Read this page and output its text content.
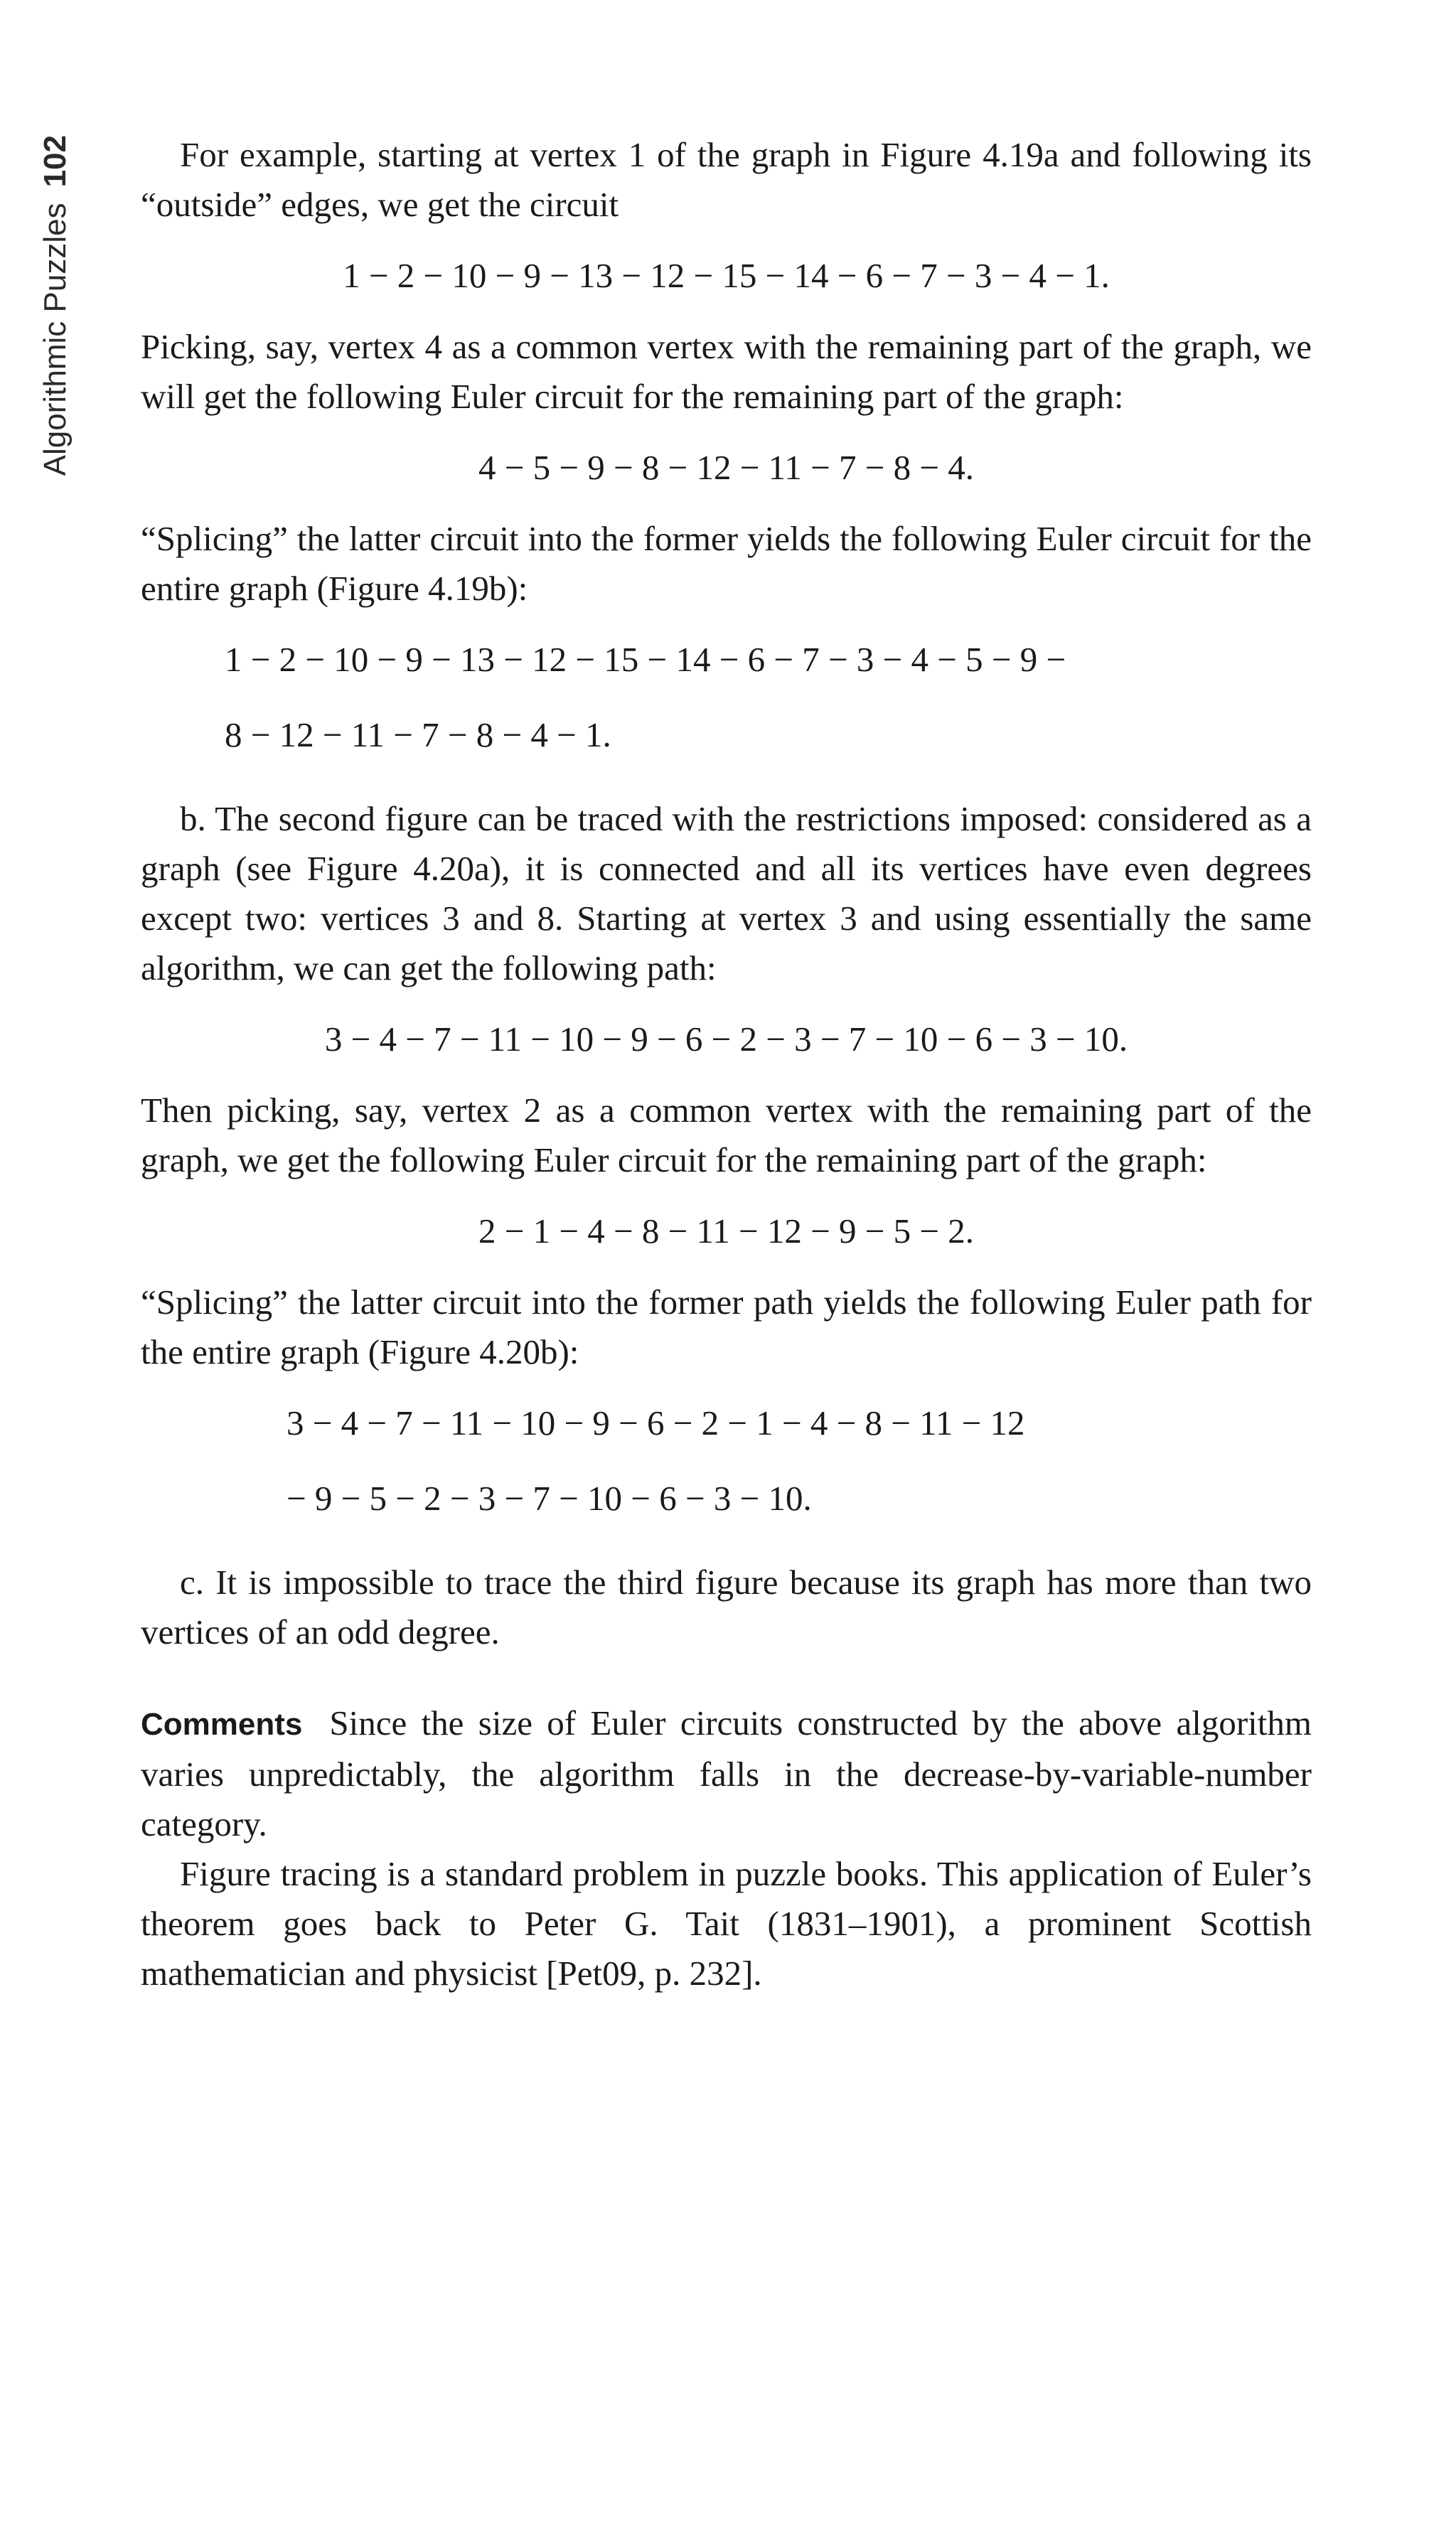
Algorithmic Puzzles102	For example, starting at vertex 1 of the graph in Figure 4.19a and following its “outside” edges, we get the circuit

1 − 2 − 10 − 9 − 13 − 12 − 15 − 14 − 6 − 7 − 3 − 4 − 1.

Picking, say, vertex 4 as a common vertex with the remaining part of the graph, we will get the following Euler circuit for the remaining part of the graph:

4 − 5 − 9 − 8 − 12 − 11 − 7 − 8 − 4.

“Splicing” the latter circuit into the former yields the following Euler circuit for the entire graph (Figure 4.19b):

1 − 2 − 10 − 9 − 13 − 12 − 15 − 14 − 6 − 7 − 3 − 4 − 5 − 9 −

8 − 12 − 11 − 7 − 8 − 4 − 1.

b. The second figure can be traced with the restrictions imposed: considered as a graph (see Figure 4.20a), it is connected and all its vertices have even degrees except two: vertices 3 and 8. Starting at vertex 3 and using essentially the same algorithm, we can get the following path:

3 − 4 − 7 − 11 − 10 − 9 − 6 − 2 − 3 − 7 − 10 − 6 − 3 − 10.

Then picking, say, vertex 2 as a common vertex with the remaining part of the graph, we get the following Euler circuit for the remaining part of the graph:

2 − 1 − 4 − 8 − 11 − 12 − 9 − 5 − 2.

“Splicing” the latter circuit into the former path yields the following Euler path for the entire graph (Figure 4.20b):

3 − 4 − 7 − 11 − 10 − 9 − 6 − 2 − 1 − 4 − 8 − 11 − 12

− 9 − 5 − 2 − 3 − 7 − 10 − 6 − 3 − 10.

c. It is impossible to trace the third figure because its graph has more than two vertices of an odd degree.

Comments Since the size of Euler circuits constructed by the above algorithm varies unpredictably, the algorithm falls in the decrease-by-variable-number category.

Figure tracing is a standard problem in puzzle books. This application of Euler’s theorem goes back to Peter G. Tait (1831–1901), a prominent Scottish mathematician and physicist [Pet09, p. 232].
